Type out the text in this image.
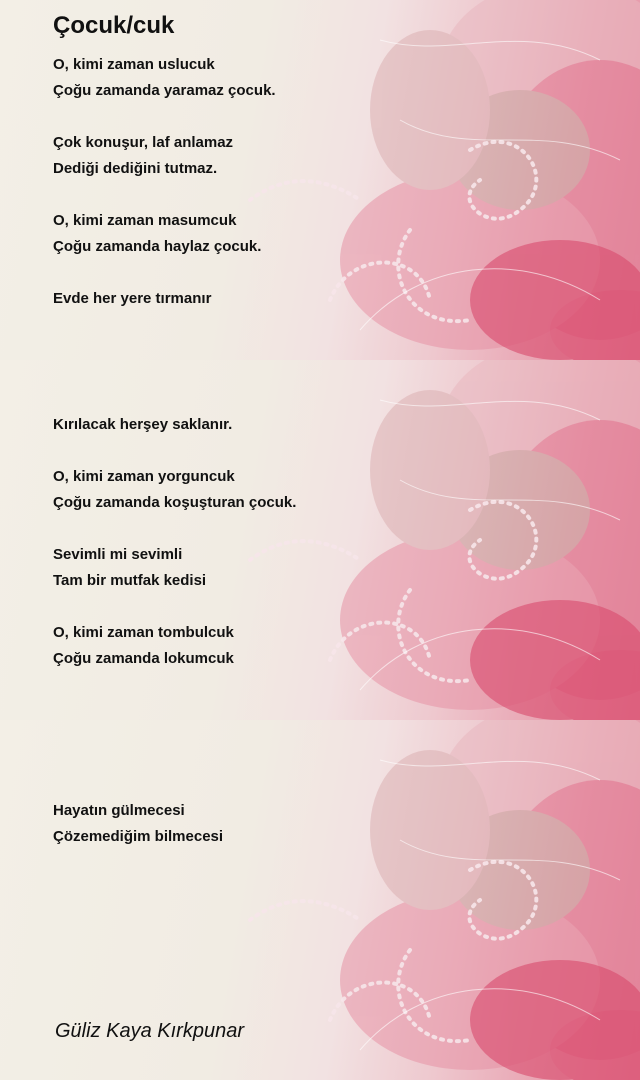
Çocuk/cuk

O, kimi zaman uslucuk
Çoğu zamanda yaramaz çocuk.

Çok konuşur, laf anlamaz
Dediği dediğini tutmaz.

O, kimi zaman masumcuk
Çoğu zamanda haylaz çocuk.

Evde her yere tırmanır

Kırılacak herşey saklanır.

O, kimi zaman yorguncuk
Çoğu zamanda koşuşturan çocuk.

Sevimli mi sevimli
Tam bir mutfak kedisi

O, kimi zaman tombulcuk
Çoğu zamanda lokumcuk

Hayatın gülmecesi
Çözemediğim bilmecesi

Güliz Kaya Kırkpunar
